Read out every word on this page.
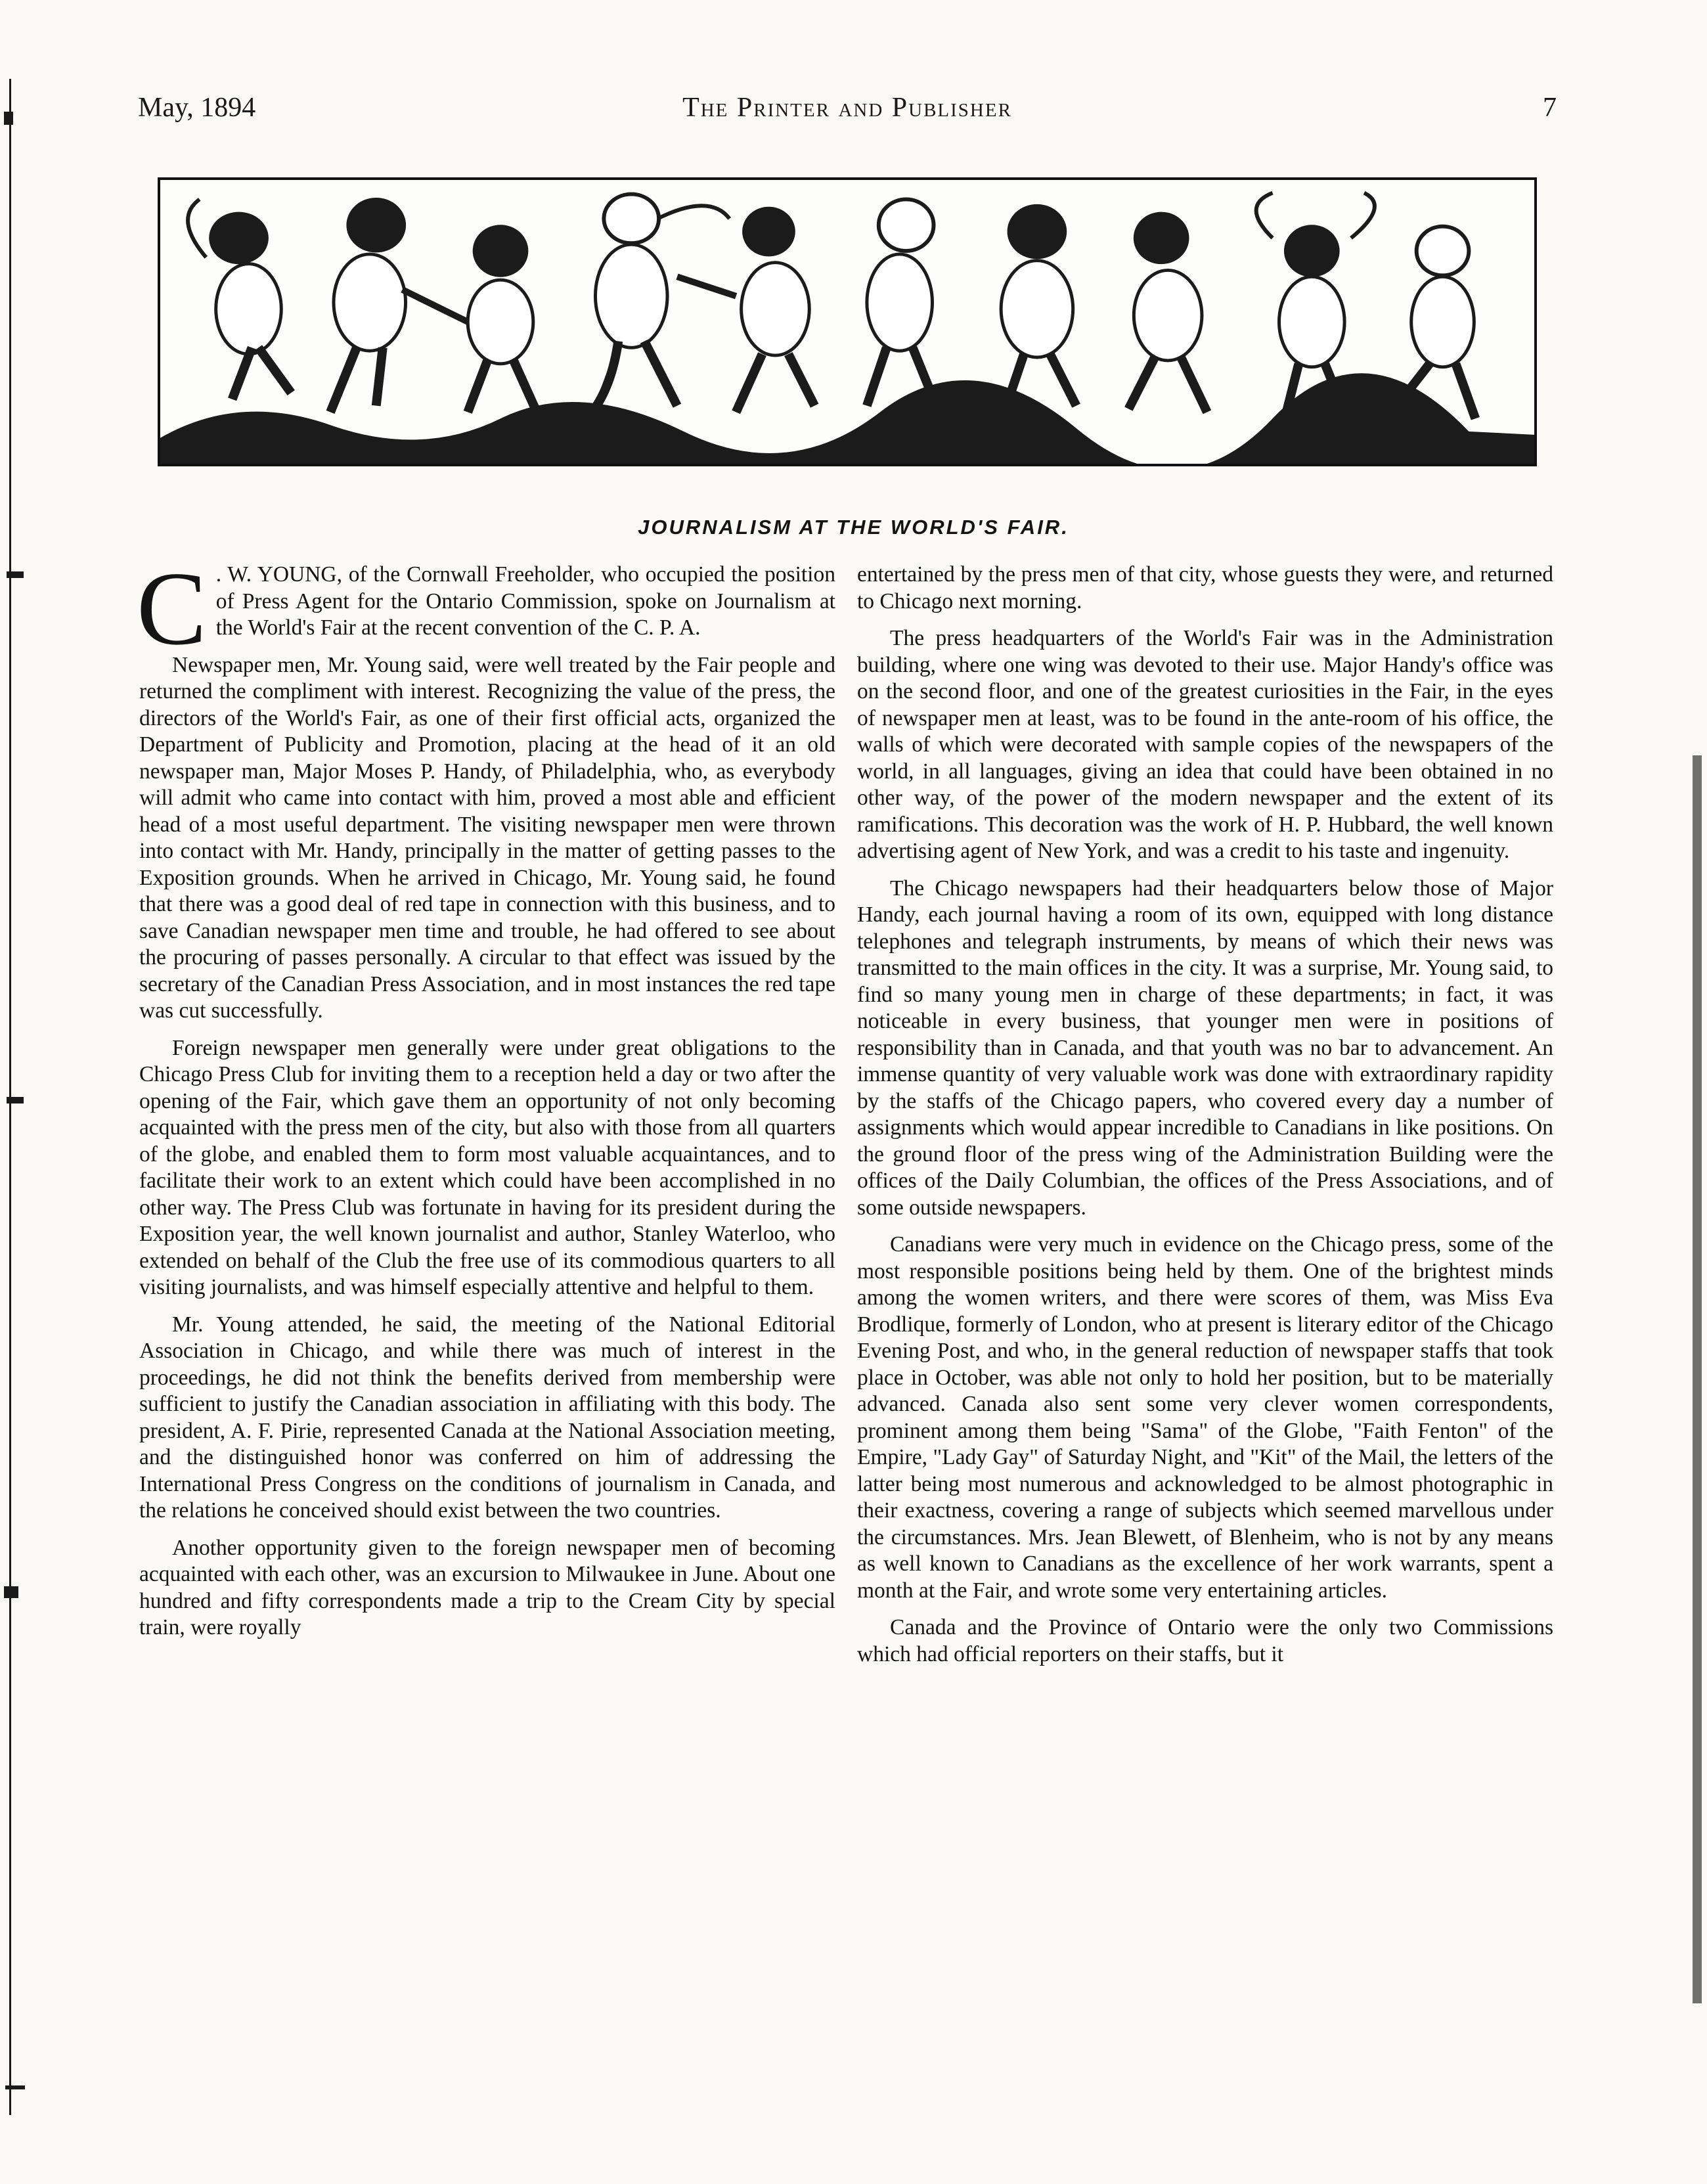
May, 1894	The Printer and Publisher	7
JOURNALISM AT THE WORLD'S FAIR.

C . W. YOUNG, of the Cornwall Freeholder, who occupied the position of Press Agent for the Ontario Commission, spoke on Journalism at the World's Fair at the recent convention of the C. P. A.

Newspaper men, Mr. Young said, were well treated by the Fair people and returned the compliment with interest. Recognizing the value of the press, the directors of the World's Fair, as one of their first official acts, organized the Department of Publicity and Promotion, placing at the head of it an old newspaper man, Major Moses P. Handy, of Philadelphia, who, as everybody will admit who came into contact with him, proved a most able and efficient head of a most useful department. The visiting newspaper men were thrown into contact with Mr. Handy, principally in the matter of getting passes to the Exposition grounds. When he arrived in Chicago, Mr. Young said, he found that there was a good deal of red tape in connection with this business, and to save Canadian newspaper men time and trouble, he had offered to see about the procuring of passes personally. A circular to that effect was issued by the secretary of the Canadian Press Association, and in most instances the red tape was cut successfully.

Foreign newspaper men generally were under great obligations to the Chicago Press Club for inviting them to a reception held a day or two after the opening of the Fair, which gave them an opportunity of not only becoming acquainted with the press men of the city, but also with those from all quarters of the globe, and enabled them to form most valuable acquaintances, and to facilitate their work to an extent which could have been accomplished in no other way. The Press Club was fortunate in having for its president during the Exposition year, the well known journalist and author, Stanley Waterloo, who extended on behalf of the Club the free use of its commodious quarters to all visiting journalists, and was himself especially attentive and helpful to them.

Mr. Young attended, he said, the meeting of the National Editorial Association in Chicago, and while there was much of interest in the proceedings, he did not think the benefits derived from membership were sufficient to justify the Canadian association in affiliating with this body. The president, A. F. Pirie, represented Canada at the National Association meeting, and the distinguished honor was conferred on him of addressing the International Press Congress on the conditions of journalism in Canada, and the relations he conceived should exist between the two countries.

Another opportunity given to the foreign newspaper men of becoming acquainted with each other, was an excursion to Milwaukee in June. About one hundred and fifty correspondents made a trip to the Cream City by special train, were royally

entertained by the press men of that city, whose guests they were, and returned to Chicago next morning.

The press headquarters of the World's Fair was in the Administration building, where one wing was devoted to their use. Major Handy's office was on the second floor, and one of the greatest curiosities in the Fair, in the eyes of newspaper men at least, was to be found in the ante-room of his office, the walls of which were decorated with sample copies of the newspapers of the world, in all languages, giving an idea that could have been obtained in no other way, of the power of the modern newspaper and the extent of its ramifications. This decoration was the work of H. P. Hubbard, the well known advertising agent of New York, and was a credit to his taste and ingenuity.

The Chicago newspapers had their headquarters below those of Major Handy, each journal having a room of its own, equipped with long distance telephones and telegraph instruments, by means of which their news was transmitted to the main offices in the city. It was a surprise, Mr. Young said, to find so many young men in charge of these departments; in fact, it was noticeable in every business, that younger men were in positions of responsibility than in Canada, and that youth was no bar to advancement. An immense quantity of very valuable work was done with extraordinary rapidity by the staffs of the Chicago papers, who covered every day a number of assignments which would appear incredible to Canadians in like positions. On the ground floor of the press wing of the Administration Building were the offices of the Daily Columbian, the offices of the Press Associations, and of some outside newspapers.

Canadians were very much in evidence on the Chicago press, some of the most responsible positions being held by them. One of the brightest minds among the women writers, and there were scores of them, was Miss Eva Brodlique, formerly of London, who at present is literary editor of the Chicago Evening Post, and who, in the general reduction of newspaper staffs that took place in October, was able not only to hold her position, but to be materially advanced. Canada also sent some very clever women correspondents, prominent among them being "Sama" of the Globe, "Faith Fenton" of the Empire, "Lady Gay" of Saturday Night, and "Kit" of the Mail, the letters of the latter being most numerous and acknowledged to be almost photographic in their exactness, covering a range of subjects which seemed marvellous under the circumstances. Mrs. Jean Blewett, of Blenheim, who is not by any means as well known to Canadians as the excellence of her work warrants, spent a month at the Fair, and wrote some very entertaining articles.

Canada and the Province of Ontario were the only two Commissions which had official reporters on their staffs, but it
